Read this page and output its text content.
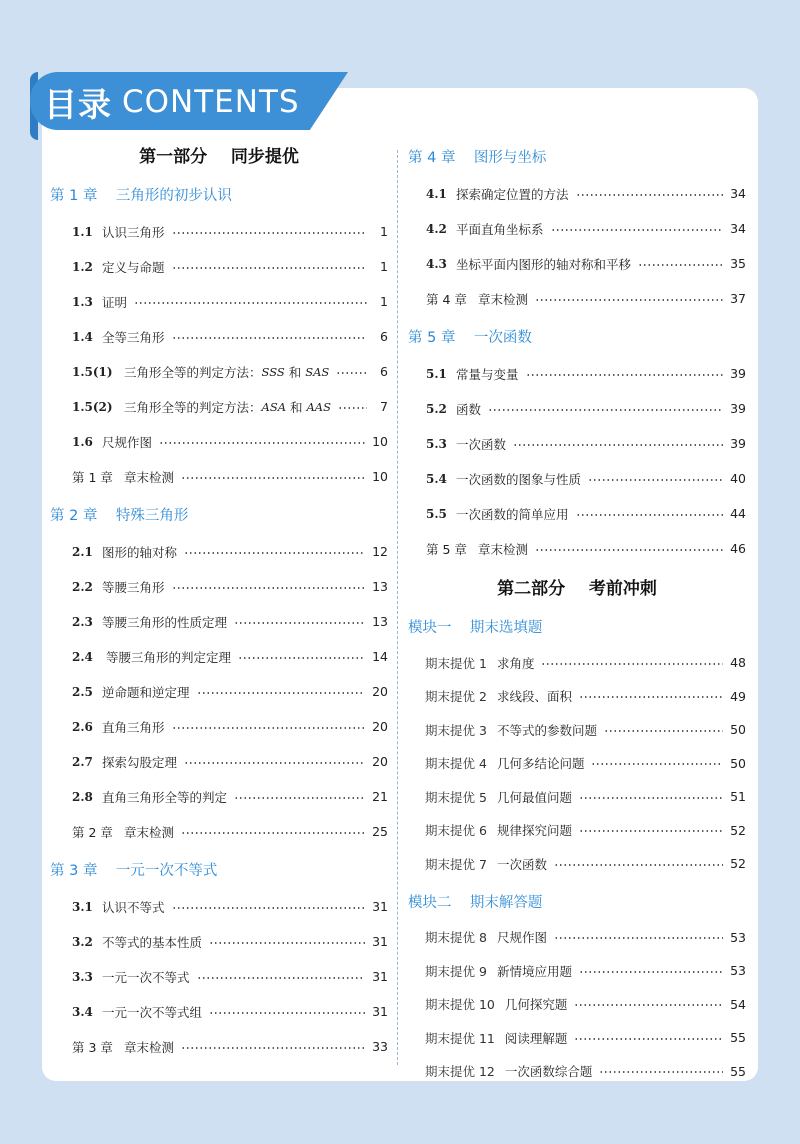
目录 CONTENTS
第一部分    同步提优
第 1 章    三角形的初步认识
1.1 认识三角形	1
1.2 定义与命题	1
1.3 证明	1
1.4 全等三角形	6
1.5(1) 三角形全等的判定方法： SSS 和 SAS	6
1.5(2) 三角形全等的判定方法： ASA 和 AAS	7
1.6 尺规作图	10
第 1 章 章末检测	10
第 2 章    特殊三角形
2.1 图形的轴对称	12
2.2 等腰三角形	13
2.3 等腰三角形的性质定理	13
2.4 等腰三角形的判定定理	14
2.5 逆命题和逆定理	20
2.6 直角三角形	20
2.7 探索勾股定理	20
2.8 直角三角形全等的判定	21
第 2 章 章末检测	25
第 3 章    一元一次不等式
3.1 认识不等式	31
3.2 不等式的基本性质	31
3.3 一元一次不等式	31
3.4 一元一次不等式组	31
第 3 章 章末检测	33
第 4 章    图形与坐标
4.1 探索确定位置的方法	34
4.2 平面直角坐标系	34
4.3 坐标平面内图形的轴对称和平移	35
第 4 章 章末检测	37
第 5 章    一次函数
5.1 常量与变量	39
5.2 函数	39
5.3 一次函数	39
5.4 一次函数的图象与性质	40
5.5 一次函数的简单应用	44
第 5 章 章末检测	46
第二部分    考前冲刺
模块一    期末选填题
期末提优 1 求角度	48
期末提优 2 求线段、面积	49
期末提优 3 不等式的参数问题	50
期末提优 4 几何多结论问题	50
期末提优 5 几何最值问题	51
期末提优 6 规律探究问题	52
期末提优 7 一次函数	52
模块二    期末解答题
期末提优 8 尺规作图	53
期末提优 9 新情境应用题	53
期末提优 10 几何探究题	54
期末提优 11 阅读理解题	55
期末提优 12 一次函数综合题	55
